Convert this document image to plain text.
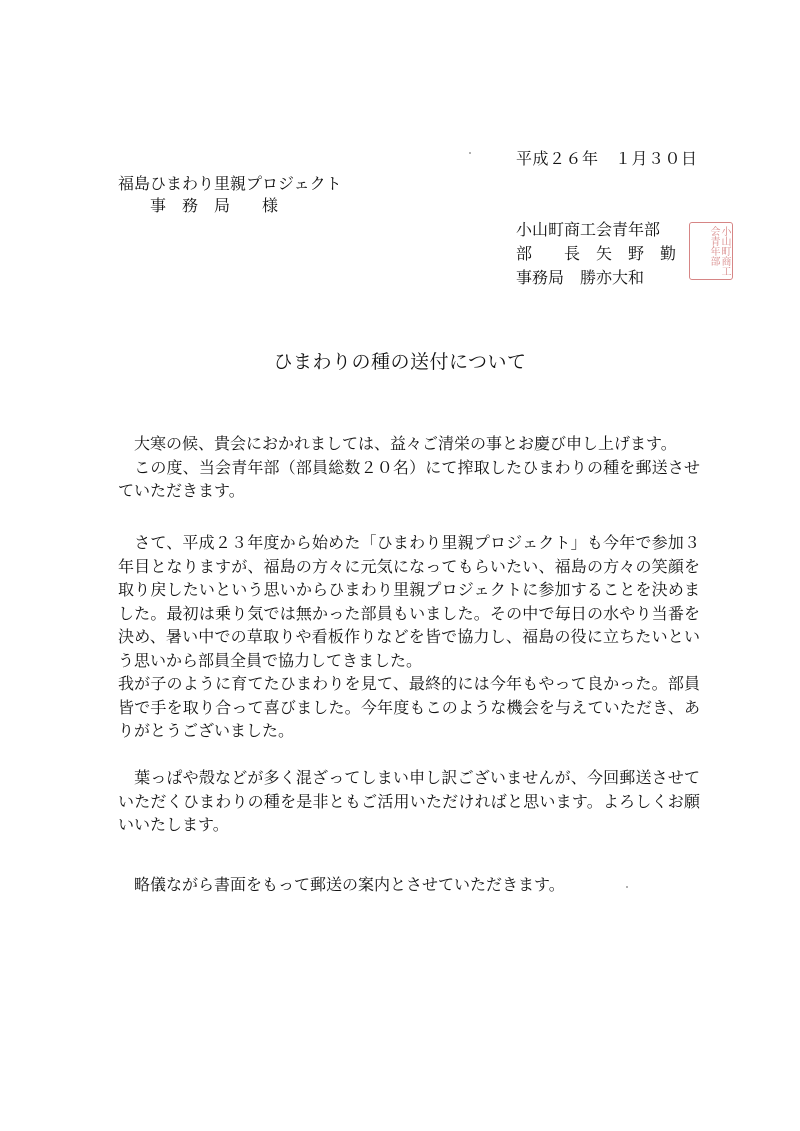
平成２６年　１月３０日
福島ひまわり里親プロジェクト
事　務　局　　様
小山町商工会青年部
部　　長　矢　野　勤
事務局　勝亦大和
小山町商工会青年部
ひまわりの種の送付について
　大寒の候、貴会におかれましては、益々ご清栄の事とお慶び申し上げます。
　この度、当会青年部（部員総数２０名）にて搾取したひまわりの種を郵送させていただきます。
　さて、平成２３年度から始めた「ひまわり里親プロジェクト」も今年で参加３年目となりますが、福島の方々に元気になってもらいたい、福島の方々の笑顔を取り戻したいという思いからひまわり里親プロジェクトに参加することを決めました。最初は乗り気では無かった部員もいました。その中で毎日の水やり当番を決め、暑い中での草取りや看板作りなどを皆で協力し、福島の役に立ちたいという思いから部員全員で協力してきました。
我が子のように育てたひまわりを見て、最終的には今年もやって良かった。部員皆で手を取り合って喜びました。今年度もこのような機会を与えていただき、ありがとうございました。
　葉っぱや殻などが多く混ざってしまい申し訳ございませんが、今回郵送させていただくひまわりの種を是非ともご活用いただければと思います。よろしくお願いいたします。
　略儀ながら書面をもって郵送の案内とさせていただきます。
